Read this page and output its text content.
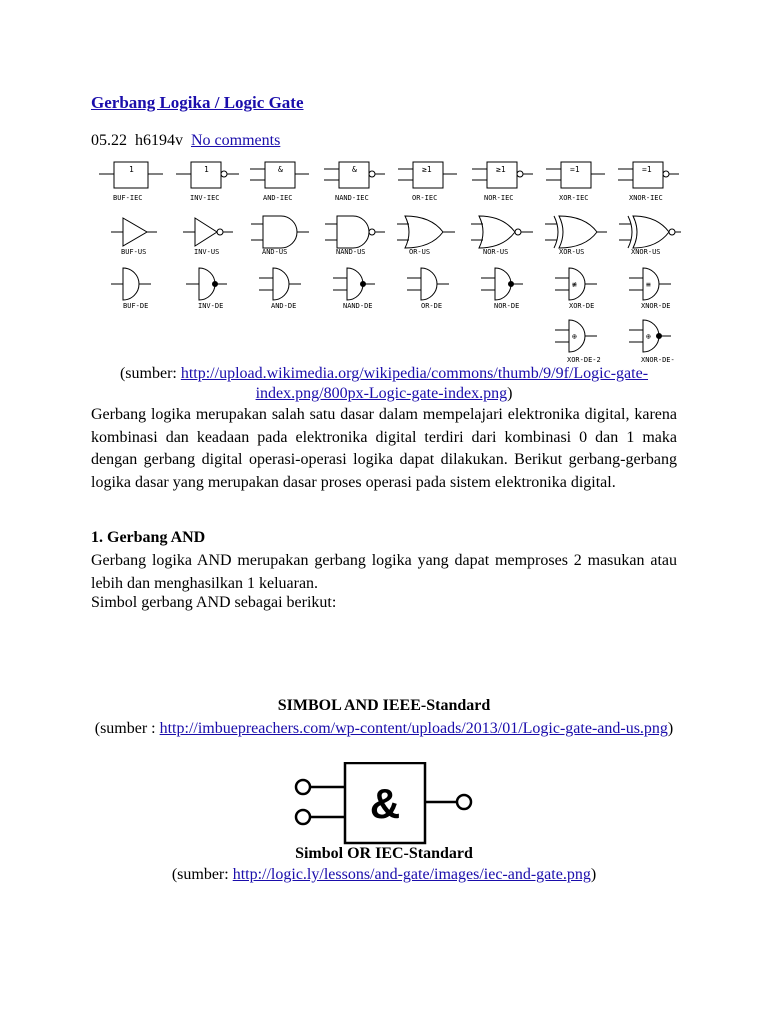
Gerbang Logika / Logic Gate
05.22 h6194v No comments
1
BUF-IEC
1
INV-IEC
&
AND-IEC
&
NAND-IEC
≥1
OR-IEC
≥1
NOR-IEC
=1
XOR-IEC
=1
XNOR-IEC
BUF-US	INV-US	AND-US	NAND-US	OR-US	NOR-US	XOR-US	XNOR-US
BUF-DE	INV-DE	AND-DE	NAND-DE	OR-DE	NOR-DE
≢
XOR-DE
≡
XNOR-DE
⊕
XOR-DE-2
⊕
XNOR-DE-
(sumber: http://upload.wikimedia.org/wikipedia/commons/thumb/9/9f/Logic-gate-index.png/800px-Logic-gate-index.png)
Gerbang logika merupakan salah satu dasar dalam mempelajari elektronika digital, karena kombinasi dan keadaan pada elektronika digital terdiri dari kombinasi 0 dan 1 maka dengan gerbang digital operasi-operasi logika dapat dilakukan. Berikut gerbang-gerbang logika dasar yang merupakan dasar proses operasi pada sistem elektronika digital.
1. Gerbang AND
Gerbang logika AND merupakan gerbang logika yang dapat memproses 2 masukan atau lebih dan menghasilkan 1 keluaran.
Simbol gerbang AND sebagai berikut:
SIMBOL AND IEEE-Standard
(sumber : http://imbuepreachers.com/wp-content/uploads/2013/01/Logic-gate-and-us.png)
&
Simbol OR IEC-Standard
(sumber: http://logic.ly/lessons/and-gate/images/iec-and-gate.png)
